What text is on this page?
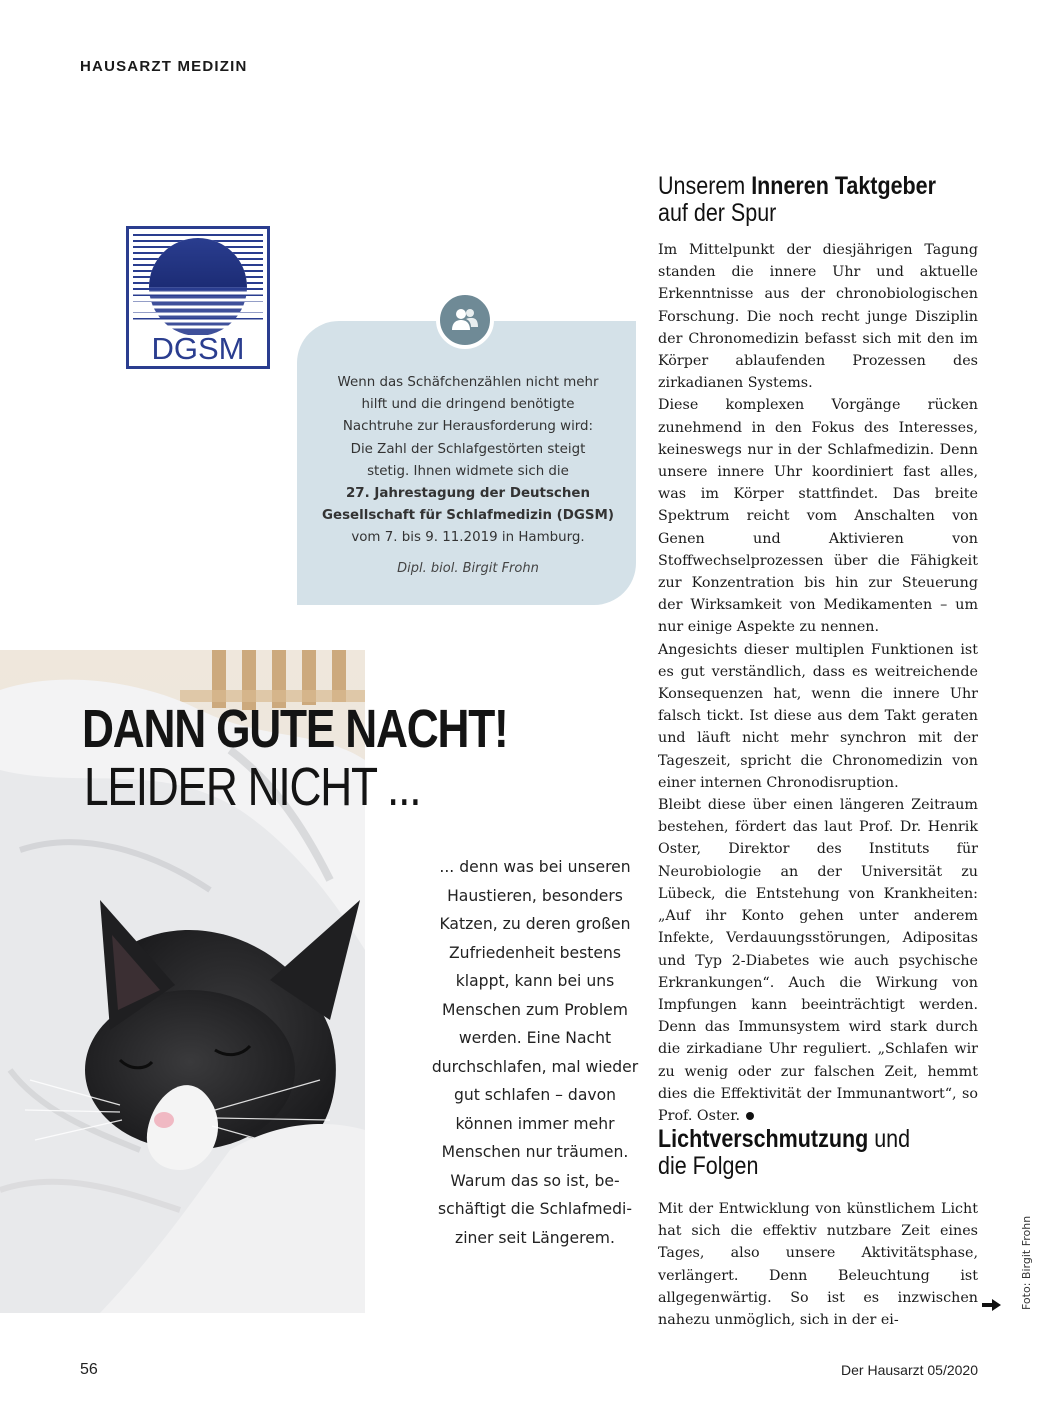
HAUSARZT MEDIZIN
DGSM
Wenn das Schäfchenzählen nicht mehr
hilft und die dringend benötigte
Nachtruhe zur Herausforderung wird:
Die Zahl der Schlafgestörten steigt
stetig. Ihnen widmete sich die
27. Jahrestagung der Deutschen
Gesellschaft für Schlafmedizin (DGSM)
vom 7. bis 9. 11.2019 in Hamburg.
Dipl. biol. Birgit Frohn
DANN GUTE NACHT!
LEIDER NICHT ...
... denn was bei unseren
Haustieren, besonders
Katzen, zu deren großen
Zufriedenheit bestens
klappt, kann bei uns
Menschen zum Problem
werden. Eine Nacht
durchschlafen, mal wieder
gut schlafen – davon
können immer mehr
Menschen nur träumen.
Warum das so ist, be-
schäftigt die Schlafmedi-
ziner seit Längerem.
Unserem Inneren Taktgeber
auf der Spur

Im Mittelpunkt der diesjährigen Tagung standen die innere Uhr und aktuelle Erkenntnisse aus der chronobiologischen Forschung. Die noch recht junge Disziplin der Chronomedizin befasst sich mit den im Körper ablaufenden Prozessen des zirkadianen Systems.

Diese komplexen Vorgänge rücken zunehmend in den Fokus des Interesses, keineswegs nur in der Schlafmedizin. Denn unsere innere Uhr koordiniert fast alles, was im Körper stattfindet. Das breite Spektrum reicht vom Anschalten von Genen und Aktivieren von Stoffwechselprozessen über die Fähigkeit zur Konzentration bis hin zur Steuerung der Wirksamkeit von Medikamenten – um nur einige Aspekte zu nennen.

Angesichts dieser multiplen Funktionen ist es gut verständlich, dass es weitreichende Konsequenzen hat, wenn die innere Uhr falsch tickt. Ist diese aus dem Takt geraten und läuft nicht mehr synchron mit der Tageszeit, spricht die Chronomedizin von einer internen Chronodisruption.

Bleibt diese über einen längeren Zeitraum bestehen, fördert das laut Prof. Dr. Henrik Oster, Direktor des Instituts für Neurobiologie an der Universität zu Lübeck, die Entstehung von Krankheiten: „Auf ihr Konto gehen unter anderem Infekte, Verdauungsstörungen, Adipositas und Typ 2-Diabetes wie auch psychische Erkrankungen“. Auch die Wirkung von Impfungen kann beeinträchtigt werden. Denn das Immunsystem wird stark durch die zirkadiane Uhr reguliert. „Schlafen wir zu wenig oder zur falschen Zeit, hemmt dies die Effektivität der Immunantwort“, so Prof. Oster.

Lichtverschmutzung und
die Folgen

Mit der Entwicklung von künstlichem Licht hat sich die effektiv nutzbare Zeit eines Tages, also unsere Aktivitätsphase, verlängert. Denn Beleuchtung ist allgegenwärtig. So ist es inzwischen nahezu unmöglich, sich in der ei-

Foto: Birgit Frohn
56	Der Hausarzt 05/2020
